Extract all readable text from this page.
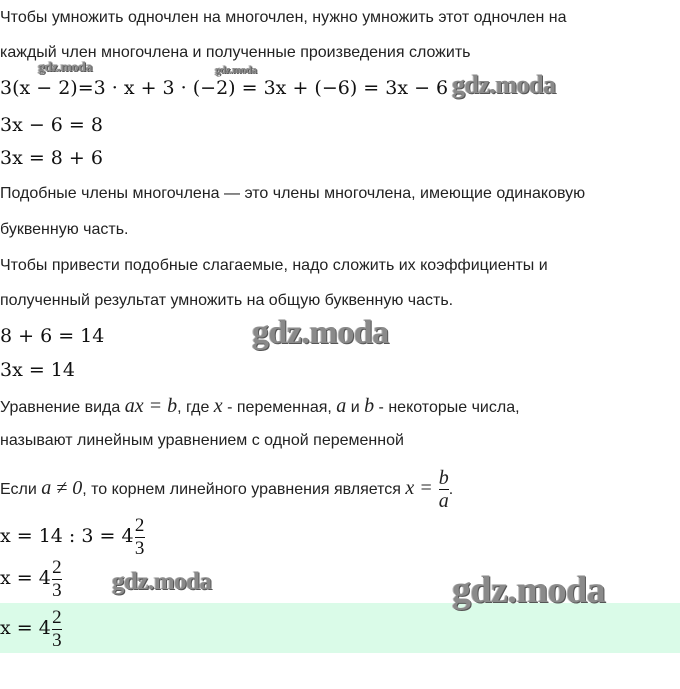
Чтобы умножить одночлен на многочлен, нужно умножить этот одночлен на
каждый член многочлена и полученные произведения сложить
3(x − 2)=3 · x + 3 · (−2) = 3x + (−6) = 3x − 6
3x − 6 = 8
3x = 8 + 6
Подобные члены многочлена — это члены многочлена, имеющие одинаковую
буквенную часть.
Чтобы привести подобные слагаемые, надо сложить их коэффициенты и
полученный результат умножить на общую буквенную часть.
8 + 6 = 14
3x = 14
Уравнение вида ax = b, где x - переменная, a и b - некоторые числа,
называют линейным уравнением с одной переменной
Если a ≠ 0, то корнем линейного уравнения является $x = \frac{b}{a}$ .
x = 14 : $3 = 4 \frac{2}{3}$
$x = 4 \frac{2}{3}$
$x = 4 \frac{2}{3}$
gdz.moda	gdz.moda	gdz.moda
gdz.moda
gdz.moda	gdz.moda
